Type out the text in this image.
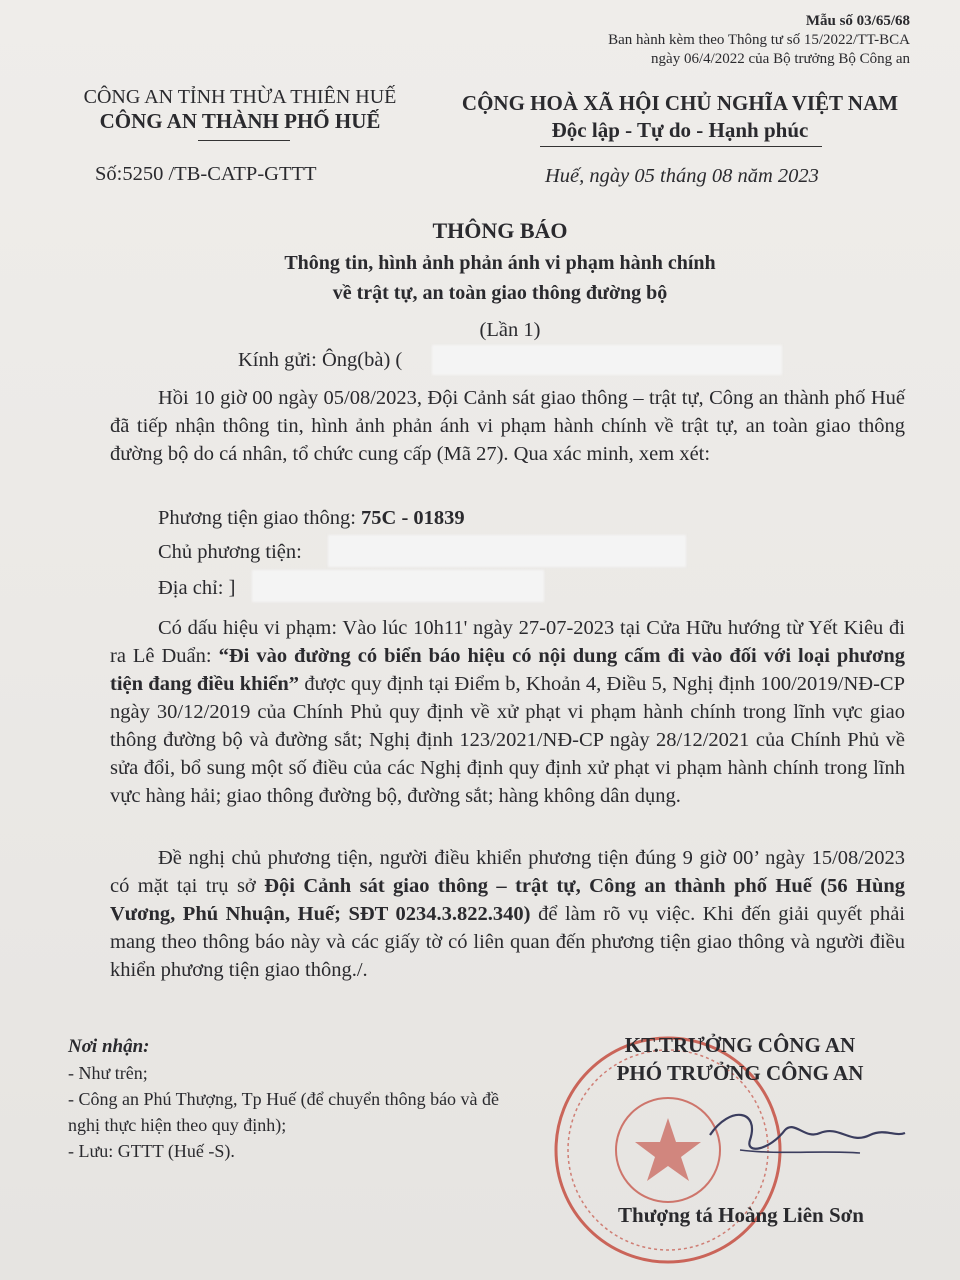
Mẫu số 03/65/68
Ban hành kèm theo Thông tư số 15/2022/TT-BCA
ngày 06/4/2022 của Bộ trưởng Bộ Công an
CÔNG AN TỈNH THỪA THIÊN HUẾ
CÔNG AN THÀNH PHỐ HUẾ
Số:5250 /TB-CATP-GTTT
CỘNG HOÀ XÃ HỘI CHỦ NGHĨA VIỆT NAM
Độc lập - Tự do - Hạnh phúc
Huế, ngày 05 tháng 08 năm 2023
THÔNG BÁO
Thông tin, hình ảnh phản ánh vi phạm hành chính
về trật tự, an toàn giao thông đường bộ
(Lần 1)
Kính gửi: Ông(bà) (
Hồi 10 giờ 00 ngày 05/08/2023, Đội Cảnh sát giao thông – trật tự, Công an thành phố Huế đã tiếp nhận thông tin, hình ảnh phản ánh vi phạm hành chính về trật tự, an toàn giao thông đường bộ do cá nhân, tổ chức cung cấp (Mã 27). Qua xác minh, xem xét:
Phương tiện giao thông: 75C - 01839
Chủ phương tiện:
Địa chỉ: ]
Có dấu hiệu vi phạm: Vào lúc 10h11' ngày 27-07-2023 tại Cửa Hữu hướng từ Yết Kiêu đi ra Lê Duẩn: “Đi vào đường có biển báo hiệu có nội dung cấm đi vào đối với loại phương tiện đang điều khiển” được quy định tại Điểm b, Khoản 4, Điều 5, Nghị định 100/2019/NĐ-CP ngày 30/12/2019 của Chính Phủ quy định về xử phạt vi phạm hành chính trong lĩnh vực giao thông đường bộ và đường sắt; Nghị định 123/2021/NĐ-CP ngày 28/12/2021 của Chính Phủ về sửa đổi, bổ sung một số điều của các Nghị định quy định xử phạt vi phạm hành chính trong lĩnh vực hàng hải; giao thông đường bộ, đường sắt; hàng không dân dụng.
Đề nghị chủ phương tiện, người điều khiển phương tiện đúng 9 giờ 00’ ngày 15/08/2023 có mặt tại trụ sở Đội Cảnh sát giao thông – trật tự, Công an thành phố Huế (56 Hùng Vương, Phú Nhuận, Huế; SĐT 0234.3.822.340) để làm rõ vụ việc. Khi đến giải quyết phải mang theo thông báo này và các giấy tờ có liên quan đến phương tiện giao thông và người điều khiển phương tiện giao thông./.
Nơi nhận:
- Như trên;
- Công an Phú Thượng, Tp Huế (để chuyển thông báo và đề nghị thực hiện theo quy định);
- Lưu: GTTT (Huế -S).
KT.TRƯỞNG CÔNG AN
PHÓ TRƯỞNG CÔNG AN
Thượng tá Hoàng Liên Sơn
